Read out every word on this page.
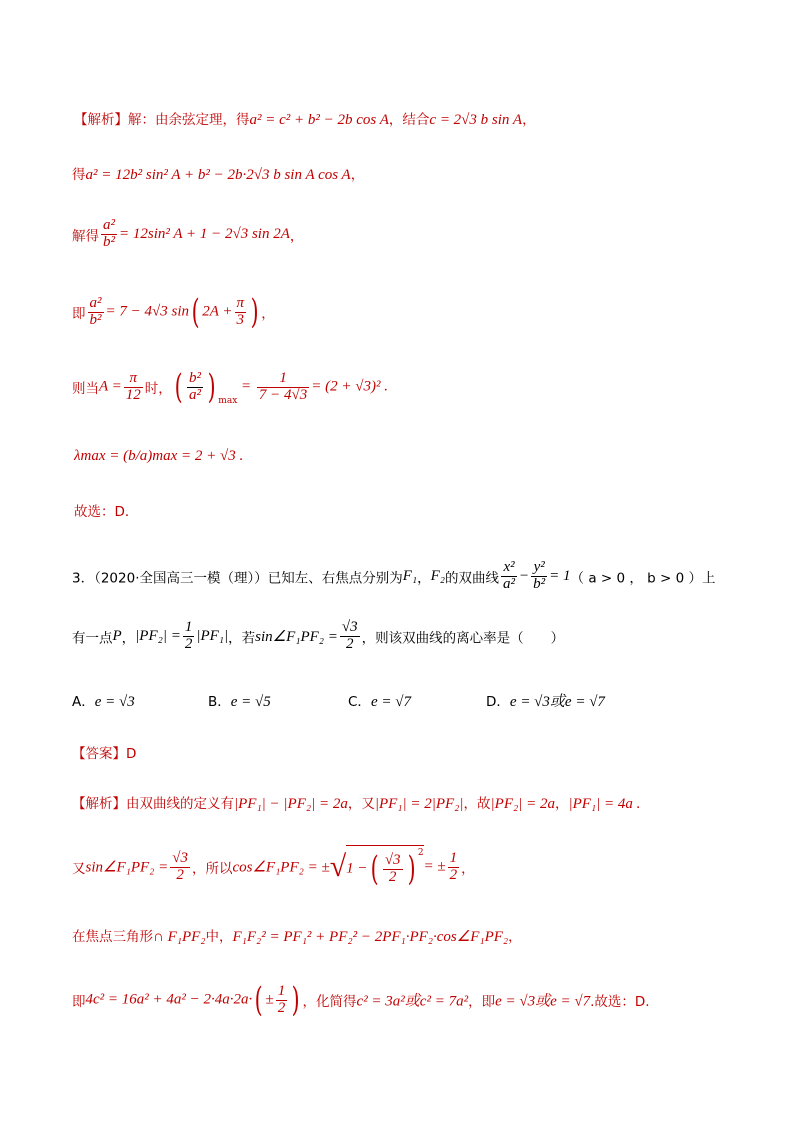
【解析】解：由余弦定理，得a² = c² + b² − 2b cos A，结合c = 2√3 b sin A，
得a² = 12b² sin² A + b² − 2b·2√3 b sin A cos A，
解得 $\frac{\text{a²}}{\text{b²}} = 12\sin^2$ A + 1 − 2√3 sin 2A，
即 $\frac{\text{a²}}{\text{b²}} = 7 - 4√3$ sin( $2A + \frac{\pi}{3}$ ) ，
则当$A = \frac{\pi}{12}$ 时，( $\frac{\text{b²}}{\text{a²}}$ ) $_{max} = \frac{1}{7 - 4√3} = (2 + √3)^2$ .
λmax = (b/a)max = 2 + √3 .
故选：D．
3．（2020·全国高三一模（理））已知左、右焦点分别为F₁，F₂的双曲线 $\frac{\text{x²}}{\text{a²}} - \frac{\text{y²}}{\text{b²}} = 1$（ a > 0 ， b > 0 ）上
有一点P，$|PF_2| = \frac{1}{2} |PF_1|$，若sin∠F₁PF₂ = $\frac{√3}{2}$ ，则该双曲线的离心率是（　　）
A．e = √3	B．e = √5	C．e = √7	D．e = √3或e = √7
【答案】D
【解析】由双曲线的定义有|PF₁| − |PF₂| = 2a，又|PF₁| = 2|PF₂|，故|PF₂| = 2a，|PF₁| = 4a .
又sin∠F₁PF₂ = $\frac{√3}{2}$ ，所以cos∠F₁PF₂ = ±√1 −( $\frac{√3}{2}$ ) $^2= \pm \frac{1}{2}$ ，
在焦点三角形∩ F₁PF₂中，F₁F₂² = PF₁² + PF₂² − 2PF₁·PF₂·cos∠F₁PF₂，
即$4c^2 = 16a^2 + 4a^2 - 2\cdot 4a\cdot 2a\cdot( \pm \frac{1}{2}$ ) ，化简得c² = 3a²或c² = 7a²，即e = √3或e = √7.故选：D.
